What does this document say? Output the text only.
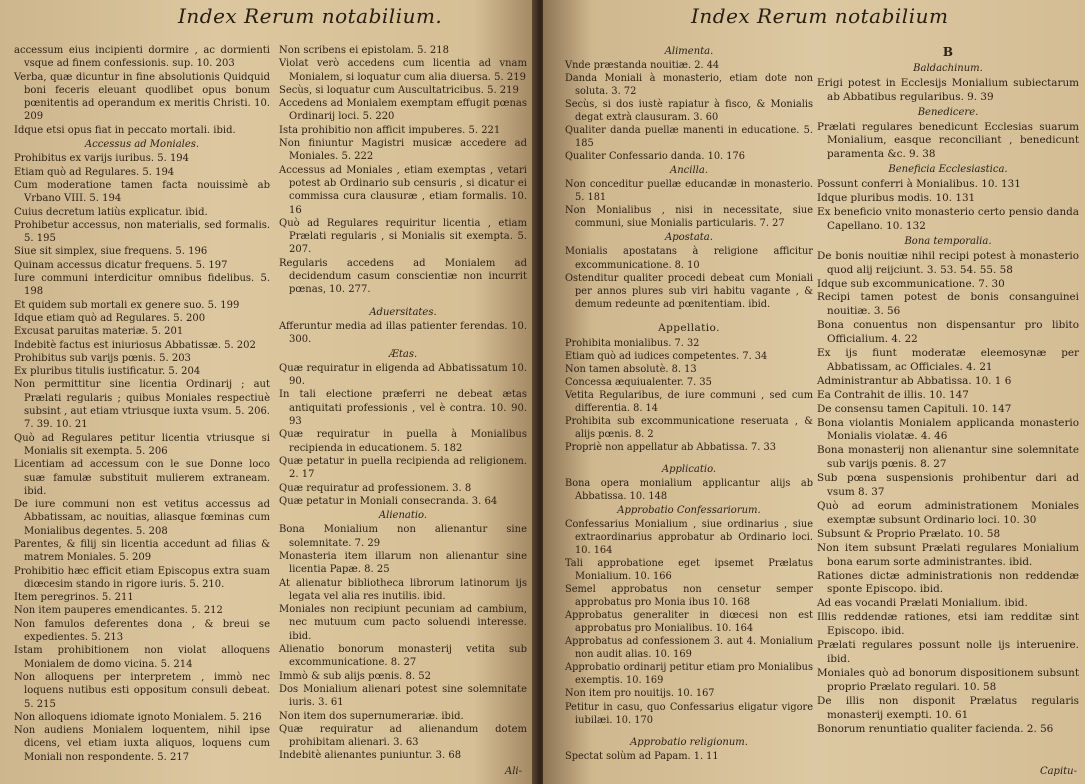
Index Rerum notabilium.
accessum eius incipienti dormire , ac dormienti vsque ad finem confessionis. sup. 10. 203
Verba, quæ dicuntur in fine absolutionis Quidquid boni feceris eleuant quodlibet opus bonum pœnitentis ad operandum ex meritis Christi. 10. 209
Idque etsi opus fiat in peccato mortali. ibid.
Accessus ad Moniales.
Prohibitus ex varijs iuribus. 5. 194
Etiam quò ad Regulares. 5. 194
Cum moderatione tamen facta nouissimè ab Vrbano VIII. 5. 194
Cuius decretum latiùs explicatur. ibid.
Prohibetur accessus, non materialis, sed formalis. 5. 195
Siue sit simplex, siue frequens. 5. 196
Quinam accessus dicatur frequens. 5. 197
Iure communi interdicitur omnibus fidelibus. 5. 198
Et quidem sub mortali ex genere suo. 5. 199
Idque etiam quò ad Regulares. 5. 200
Excusat paruitas materiæ. 5. 201
Indebitè factus est iniuriosus Abbatissæ. 5. 202
Prohibitus sub varijs pœnis. 5. 203
Ex pluribus titulis iustificatur. 5. 204
Non permittitur sine licentia Ordinarij ; aut Prælati regularis ; quibus Moniales respectiuè subsint , aut etiam vtriusque iuxta vsum. 5. 206. 7. 39. 10. 21
Quò ad Regulares petitur licentia vtriusque si Monialis sit exempta. 5. 206
Licentiam ad accessum con le sue Donne loco suæ famulæ substituit mulierem extraneam. ibid.
De iure communi non est vetitus accessus ad Abbatissam, ac nouitias, aliasque fœminas cum Monialibus degentes. 5. 208
Parentes, & filij sin licentia accedunt ad filias & matrem Moniales. 5. 209
Prohibitio hæc efficit etiam Episcopus extra suam diœcesim stando in rigore iuris. 5. 210.
Item peregrinos. 5. 211
Non item pauperes emendicantes. 5. 212
Non famulos deferentes dona , & breui se expedientes. 5. 213
Istam prohibitionem non violat alloquens Monialem de domo vicina. 5. 214
Non alloquens per interpretem , immò nec loquens nutibus esti oppositum consuli debeat. 5. 215
Non alloquens idiomate ignoto Monialem. 5. 216
Non audiens Monialem loquentem, nihil ipse dicens, vel etiam iuxta aliquos, loquens cum Moniali non respondente. 5. 217
Non scribens ei epistolam. 5. 218
Violat verò accedens cum licentia ad vnam Monialem, si loquatur cum alia diuersa. 5. 219
Secùs, si loquatur cum Auscultatricibus. 5. 219
Accedens ad Monialem exemptam effugit pœnas Ordinarij loci. 5. 220
Ista prohibitio non afficit impuberes. 5. 221
Non finiuntur Magistri musicæ accedere ad Moniales. 5. 222
Accessus ad Moniales , etiam exemptas , vetari potest ab Ordinario sub censuris , si dicatur ei commissa cura clausuræ , etiam formalis. 10. 16
Quò ad Regulares requiritur licentia , etiam Prælati regularis , si Monialis sit exempta. 5. 207.
Regularis accedens ad Monialem ad decidendum casum conscientiæ non incurrit pœnas, 10. 277.
Aduersitates.
Afferuntur media ad illas patienter ferendas. 10. 300.
Ætas.
Quæ requiratur in eligenda ad Abbatissatum 10. 90.
In tali electione præferri ne debeat ætas antiquitati professionis , vel è contra. 10. 90. 93
Quæ requiratur in puella à Monialibus recipienda in educationem. 5. 182
Quæ petatur in puella recipienda ad religionem. 2. 17
Quæ requiratur ad professionem. 3. 8
Quæ petatur in Moniali consecranda. 3. 64
Alienatio.
Bona Monialium non alienantur sine solemnitate. 7. 29
Monasteria item illarum non alienantur sine licentia Papæ. 8. 25
At alienatur bibliotheca librorum latinorum ijs legata vel alia res inutilis. ibid.
Moniales non recipiunt pecuniam ad cambium, nec mutuum cum pacto soluendi interesse. ibid.
Alienatio bonorum monasterij vetita sub excommunicatione. 8. 27
Immò & sub alijs pœnis. 8. 52
Dos Monialium alienari potest sine solemnitate iuris. 3. 61
Non item dos supernumerariæ. ibid.
Quæ requiratur ad alienandum dotem prohibitam alienari. 3. 63
Indebitè alienantes puniuntur. 3. 68
Ali-
Index Rerum notabilium
Alimenta.
Vnde præstanda nouitiæ. 2. 44
Danda Moniali à monasterio, etiam dote non soluta. 3. 72
Secùs, si dos iustè rapiatur à fisco, & Monialis degat extrà clausuram. 3. 60
Qualiter danda puellæ manenti in educatione. 5. 185
Qualiter Confessario danda. 10. 176
Ancilla.
Non conceditur puellæ educandæ in monasterio. 5. 181
Non Monialibus , nisi in necessitate, siue communi, siue Monialis particularis. 7. 27
Apostata.
Monialis apostatans à religione afficitur excommunicatione. 8. 10
Ostenditur qualiter procedi debeat cum Moniali per annos plures sub viri habitu vagante , & demum redeunte ad pœnitentiam. ibid.
Appellatio.
Prohibita monialibus. 7. 32
Etiam quò ad iudices competentes. 7. 34
Non tamen absolutè. 8. 13
Concessa æquiualenter. 7. 35
Vetita Regularibus, de iure communi , sed cum differentia. 8. 14
Prohibita sub excommunicatione reseruata , & alijs pœnis. 8. 2
Propriè non appellatur ab Abbatissa. 7. 33
Applicatio.
Bona opera monialium applicantur alijs ab Abbatissa. 10. 148
Approbatio Confessariorum.
Confessarius Monialium , siue ordinarius , siue extraordinarius approbatur ab Ordinario loci. 10. 164
Tali approbatione eget ipsemet Prælatus Monialium. 10. 166
Semel approbatus non censetur semper approbatus pro Monia ibus 10. 168
Approbatus generaliter in diœcesi non est approbatus pro Monialibus. 10. 164
Approbatus ad confessionem 3. aut 4. Monialium non audit alias. 10. 169
Approbatio ordinarij petitur etiam pro Monialibus exemptis. 10. 169
Non item pro nouitijs. 10. 167
Petitur in casu, quo Confessarius eligatur vigore iubilæi. 10. 170
Approbatio religionum.
Spectat solùm ad Papam. 1. 11
B
Baldachinum.
Erigi potest in Ecclesijs Monialium subiectarum ab Abbatibus regularibus. 9. 39
Benedicere.
Prælati regulares benedicunt Ecclesias suarum Monialium, easque reconciliant , benedicunt paramenta &c. 9. 38
Beneficia Ecclesiastica.
Possunt conferri à Monialibus. 10. 131
Idque pluribus modis. 10. 131
Ex beneficio vnito monasterio certo pensio danda Capellano. 10. 132
Bona temporalia.
De bonis nouitiæ nihil recipi potest à monasterio quod alij reijciunt. 3. 53. 54. 55. 58
Idque sub excommunicatione. 7. 30
Recipi tamen potest de bonis consanguinei nouitiæ. 3. 56
Bona conuentus non dispensantur pro libito Officialium. 4. 22
Ex ijs fiunt moderatæ eleemosynæ per Abbatissam, ac Officiales. 4. 21
Administrantur ab Abbatissa. 10. 1 6
Ea Contrahit de illis. 10. 147
De consensu tamen Capituli. 10. 147
Bona violantis Monialem applicanda monasterio Monialis violatæ. 4. 46
Bona monasterij non alienantur sine solemnitate sub varijs pœnis. 8. 27
Sub pœna suspensionis prohibentur dari ad vsum 8. 37
Quò ad eorum administrationem Moniales exemptæ subsunt Ordinario loci. 10. 30
Subsunt & Proprio Prælato. 10. 58
Non item subsunt Prælati regulares Monialium bona earum sorte administrantes. ibid.
Rationes dictæ administrationis non reddendæ sponte Episcopo. ibid.
Ad eas vocandi Prælati Monialium. ibid.
Illis reddendæ rationes, etsi iam redditæ sint Episcopo. ibid.
Prælati regulares possunt nolle ijs interuenire. ibid.
Moniales quò ad bonorum dispositionem subsunt proprio Prælato regulari. 10. 58
De illis non disponit Prælatus regularis monasterij exempti. 10. 61
Bonorum renuntiatio qualiter facienda. 2. 56
Capitu-
